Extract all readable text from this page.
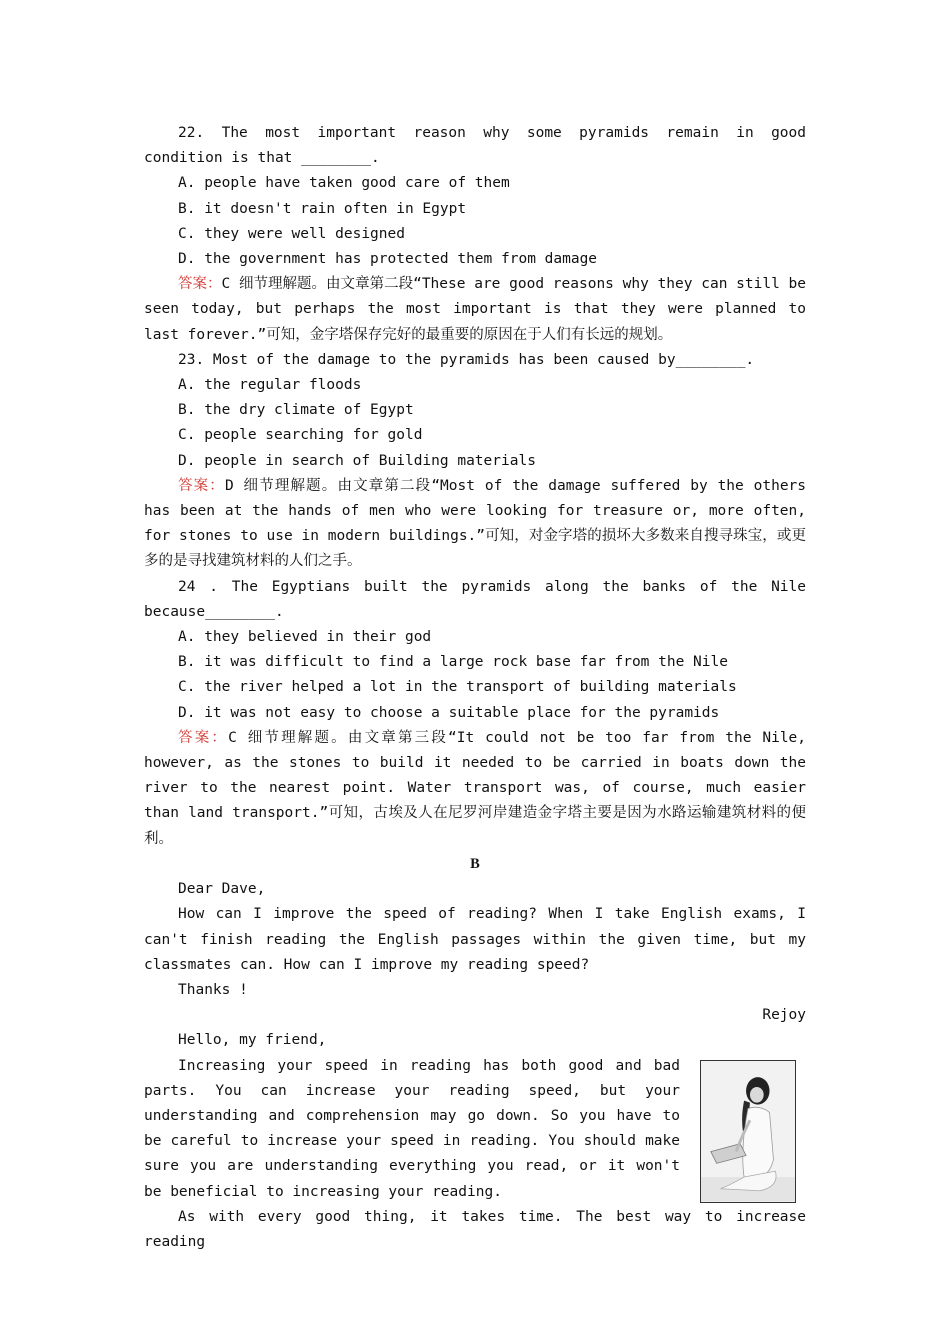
22. The most important reason why some pyramids remain in good condition is that ________.

A. people have taken good care of them

B. it doesn't rain often in Egypt

C. they were well designed

D. the government has protected them from damage

答案：C 细节理解题。由文章第二段“These are good reasons why they can still be seen today, but perhaps the most important is that they were planned to last forever.”可知，金字塔保存完好的最重要的原因在于人们有长远的规划。

23. Most of the damage to the pyramids has been caused by________.

A. the regular floods

B. the dry climate of Egypt

C. people searching for gold

D. people in search of Building materials

答案：D 细节理解题。由文章第二段“Most of the damage suffered by the others has been at the hands of men who were looking for treasure or, more often, for stones to use in modern buildings.”可知，对金字塔的损坏大多数来自搜寻珠宝，或更多的是寻找建筑材料的人们之手。

24 . The Egyptians built the pyramids along the banks of the Nile because________.

A. they believed in their god

B. it was difficult to find a large rock base far from the Nile

C. the river helped a lot in the transport of building materials

D. it was not easy to choose a suitable place for the pyramids

答案：C 细节理解题。由文章第三段“It could not be too far from the Nile, however, as the stones to build it needed to be carried in boats down the river to the nearest point. Water transport was, of course, much easier than land transport.”可知，古埃及人在尼罗河岸建造金字塔主要是因为水路运输建筑材料的便利。

B

Dear Dave,

How can I improve the speed of reading? When I take English exams, I can't finish reading the English passages within the given time, but my classmates can. How can I improve my reading speed?

Thanks !

Rejoy

Hello, my friend,

Increasing your speed in reading has both good and bad parts. You can increase your reading speed, but your understanding and comprehension may go down. So you have to be careful to increase your speed in reading. You should make sure you are understanding everything you read, or it won't be beneficial to increasing your reading.

As with every good thing, it takes time. The best way to increase reading
